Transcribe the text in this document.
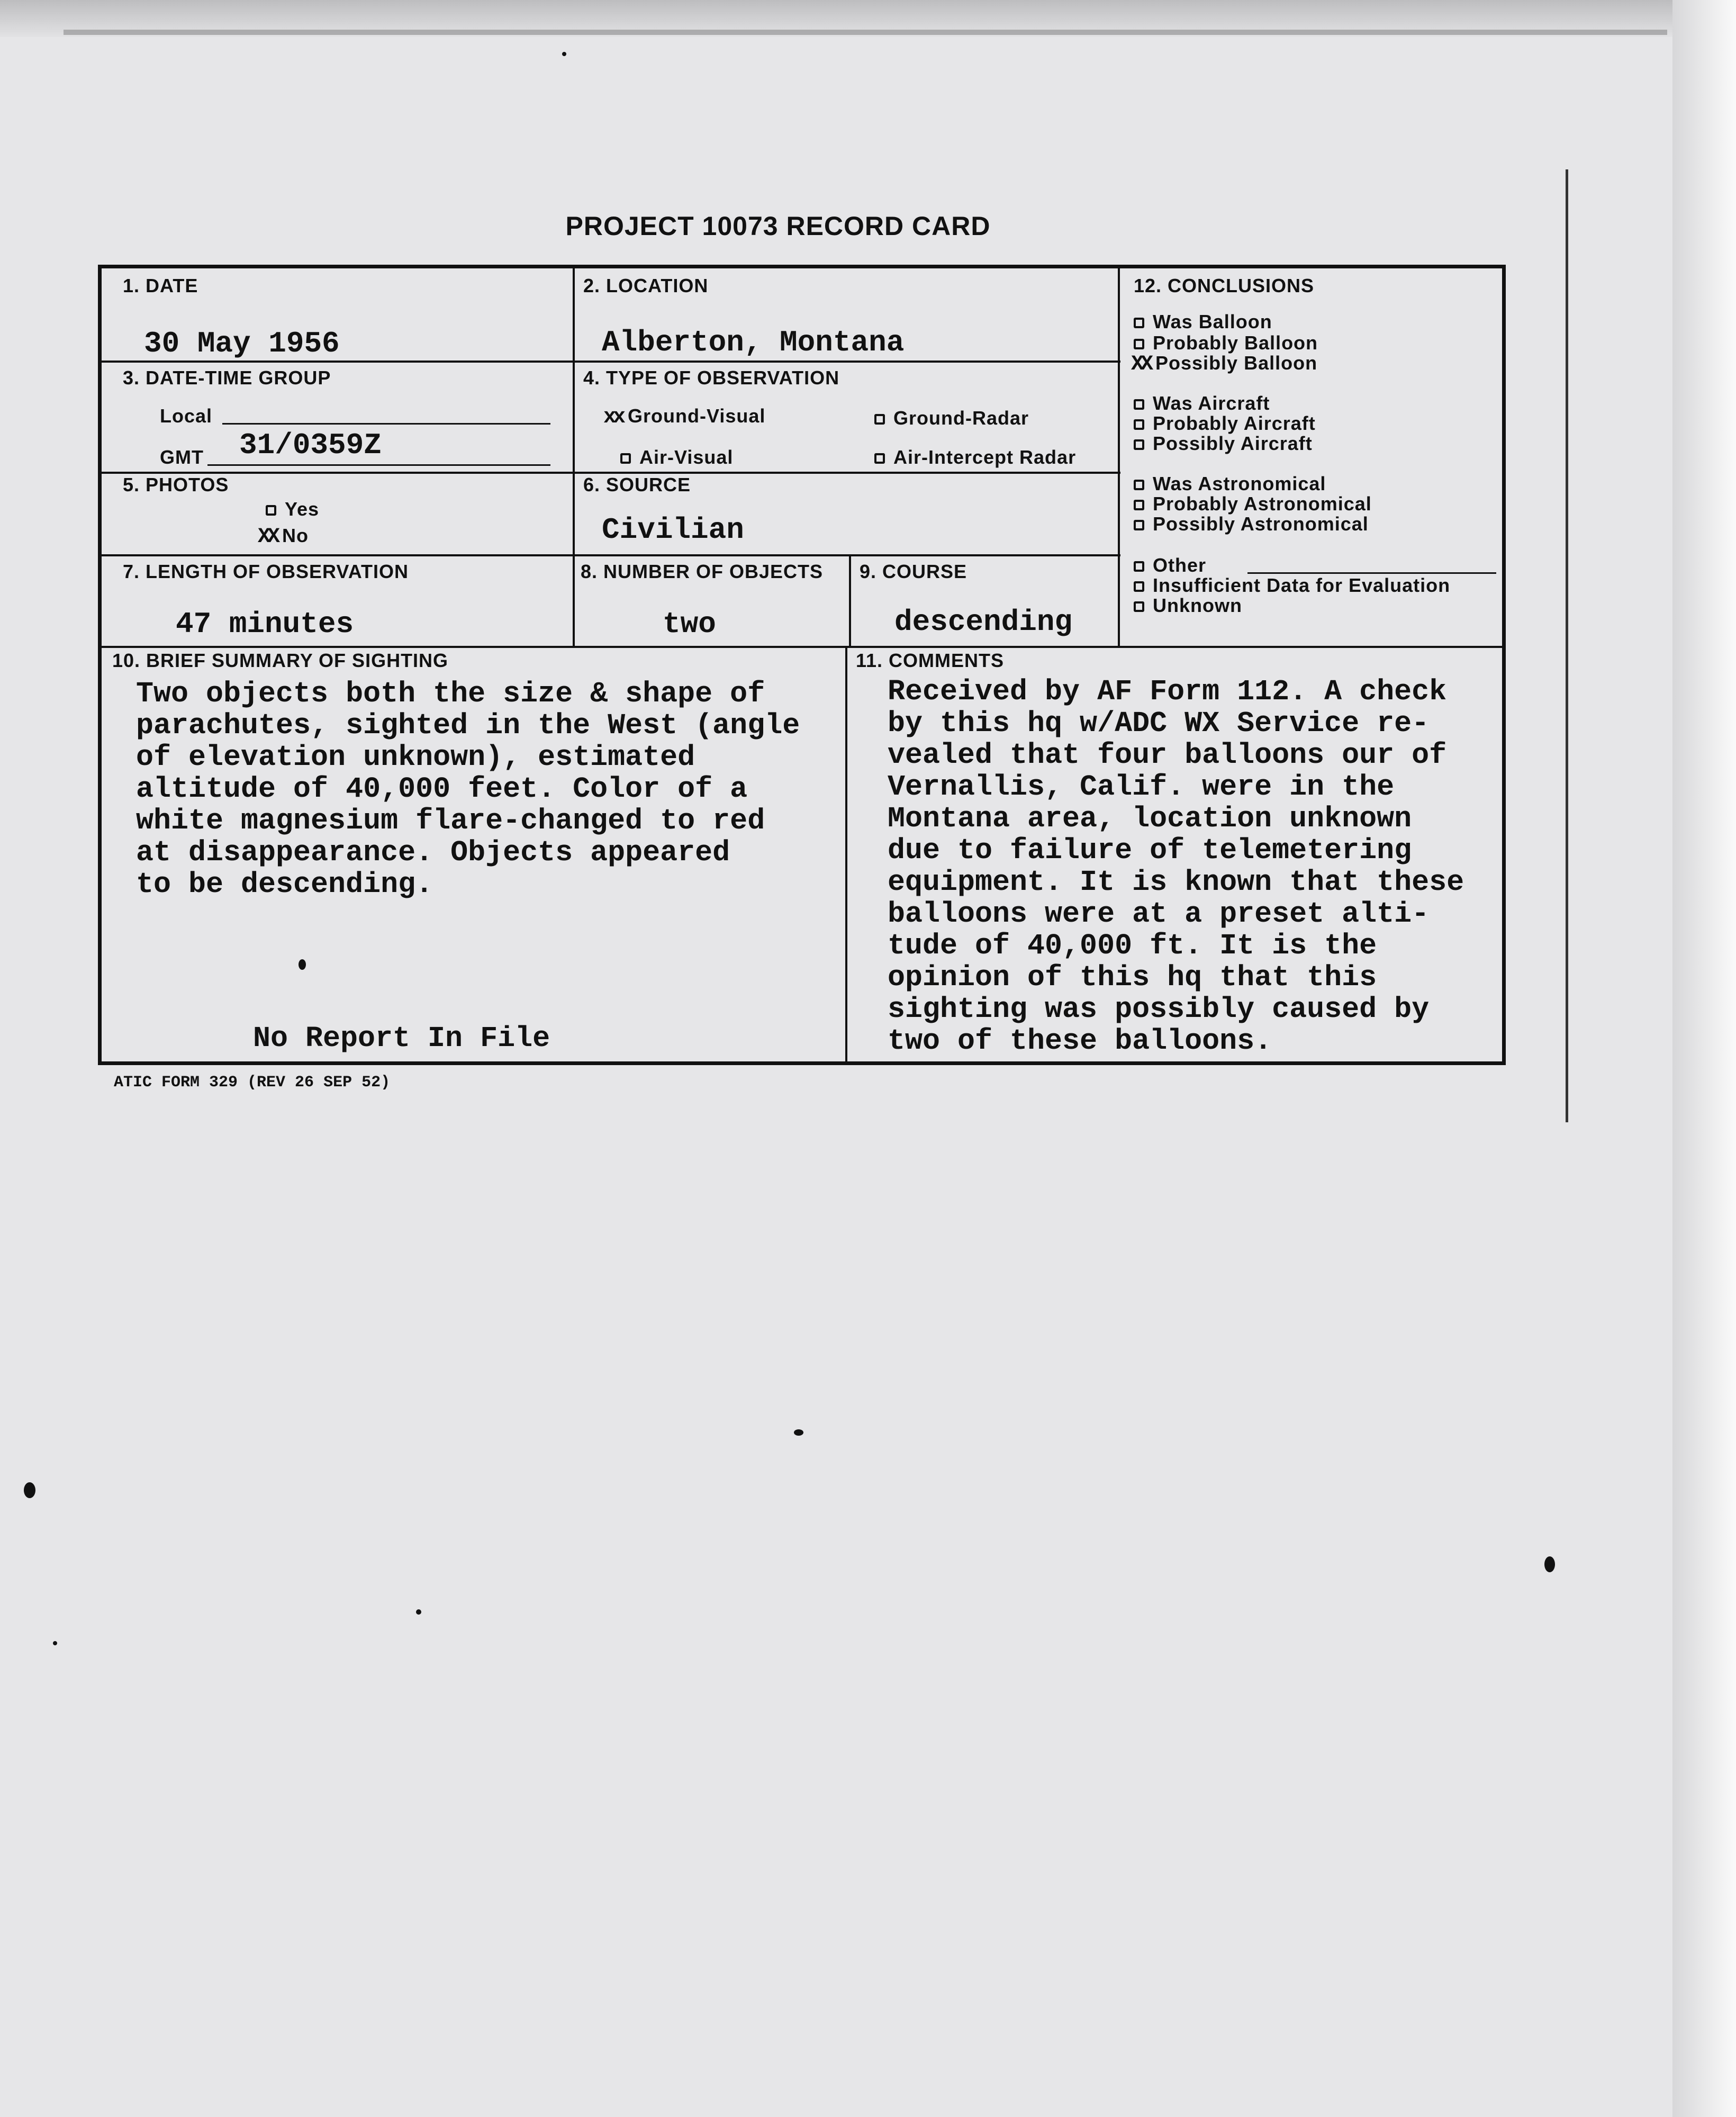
PROJECT 10073 RECORD CARD
1. DATE
30 May 1956
2. LOCATION
Alberton, Montana
3. DATE-TIME GROUP
Local
GMT 31/0359Z
4. TYPE OF OBSERVATION
xx Ground-Visual	Ground-Radar
Air-Visual	Air-Intercept Radar
5. PHOTOS
Yes
XX No
6. SOURCE
Civilian
7. LENGTH OF OBSERVATION
47 minutes
8. NUMBER OF OBJECTS
two
9. COURSE
descending
12. CONCLUSIONS
Was Balloon
Probably Balloon
XX Possibly Balloon
Was Aircraft
Probably Aircraft
Possibly Aircraft
Was Astronomical
Probably Astronomical
Possibly Astronomical
Other
Insufficient Data for Evaluation
Unknown
10. BRIEF SUMMARY OF SIGHTING
Two objects both the size & shape of
parachutes, sighted in the West (angle
of elevation unknown), estimated
altitude of 40,000 feet. Color of a
white magnesium flare-changed to red
at disappearance. Objects appeared
to be descending.
11. COMMENTS
Received by AF Form 112. A check
by this hq w/ADC WX Service re-
vealed that four balloons our of
Vernallis, Calif. were in the
Montana area, location unknown
due to failure of telemetering
equipment. It is known that these
balloons were at a preset alti-
tude of 40,000 ft. It is the
opinion of this hq that this
sighting was possibly caused by
two of these balloons.
No Report In File
ATIC FORM 329 (REV 26 SEP 52)
